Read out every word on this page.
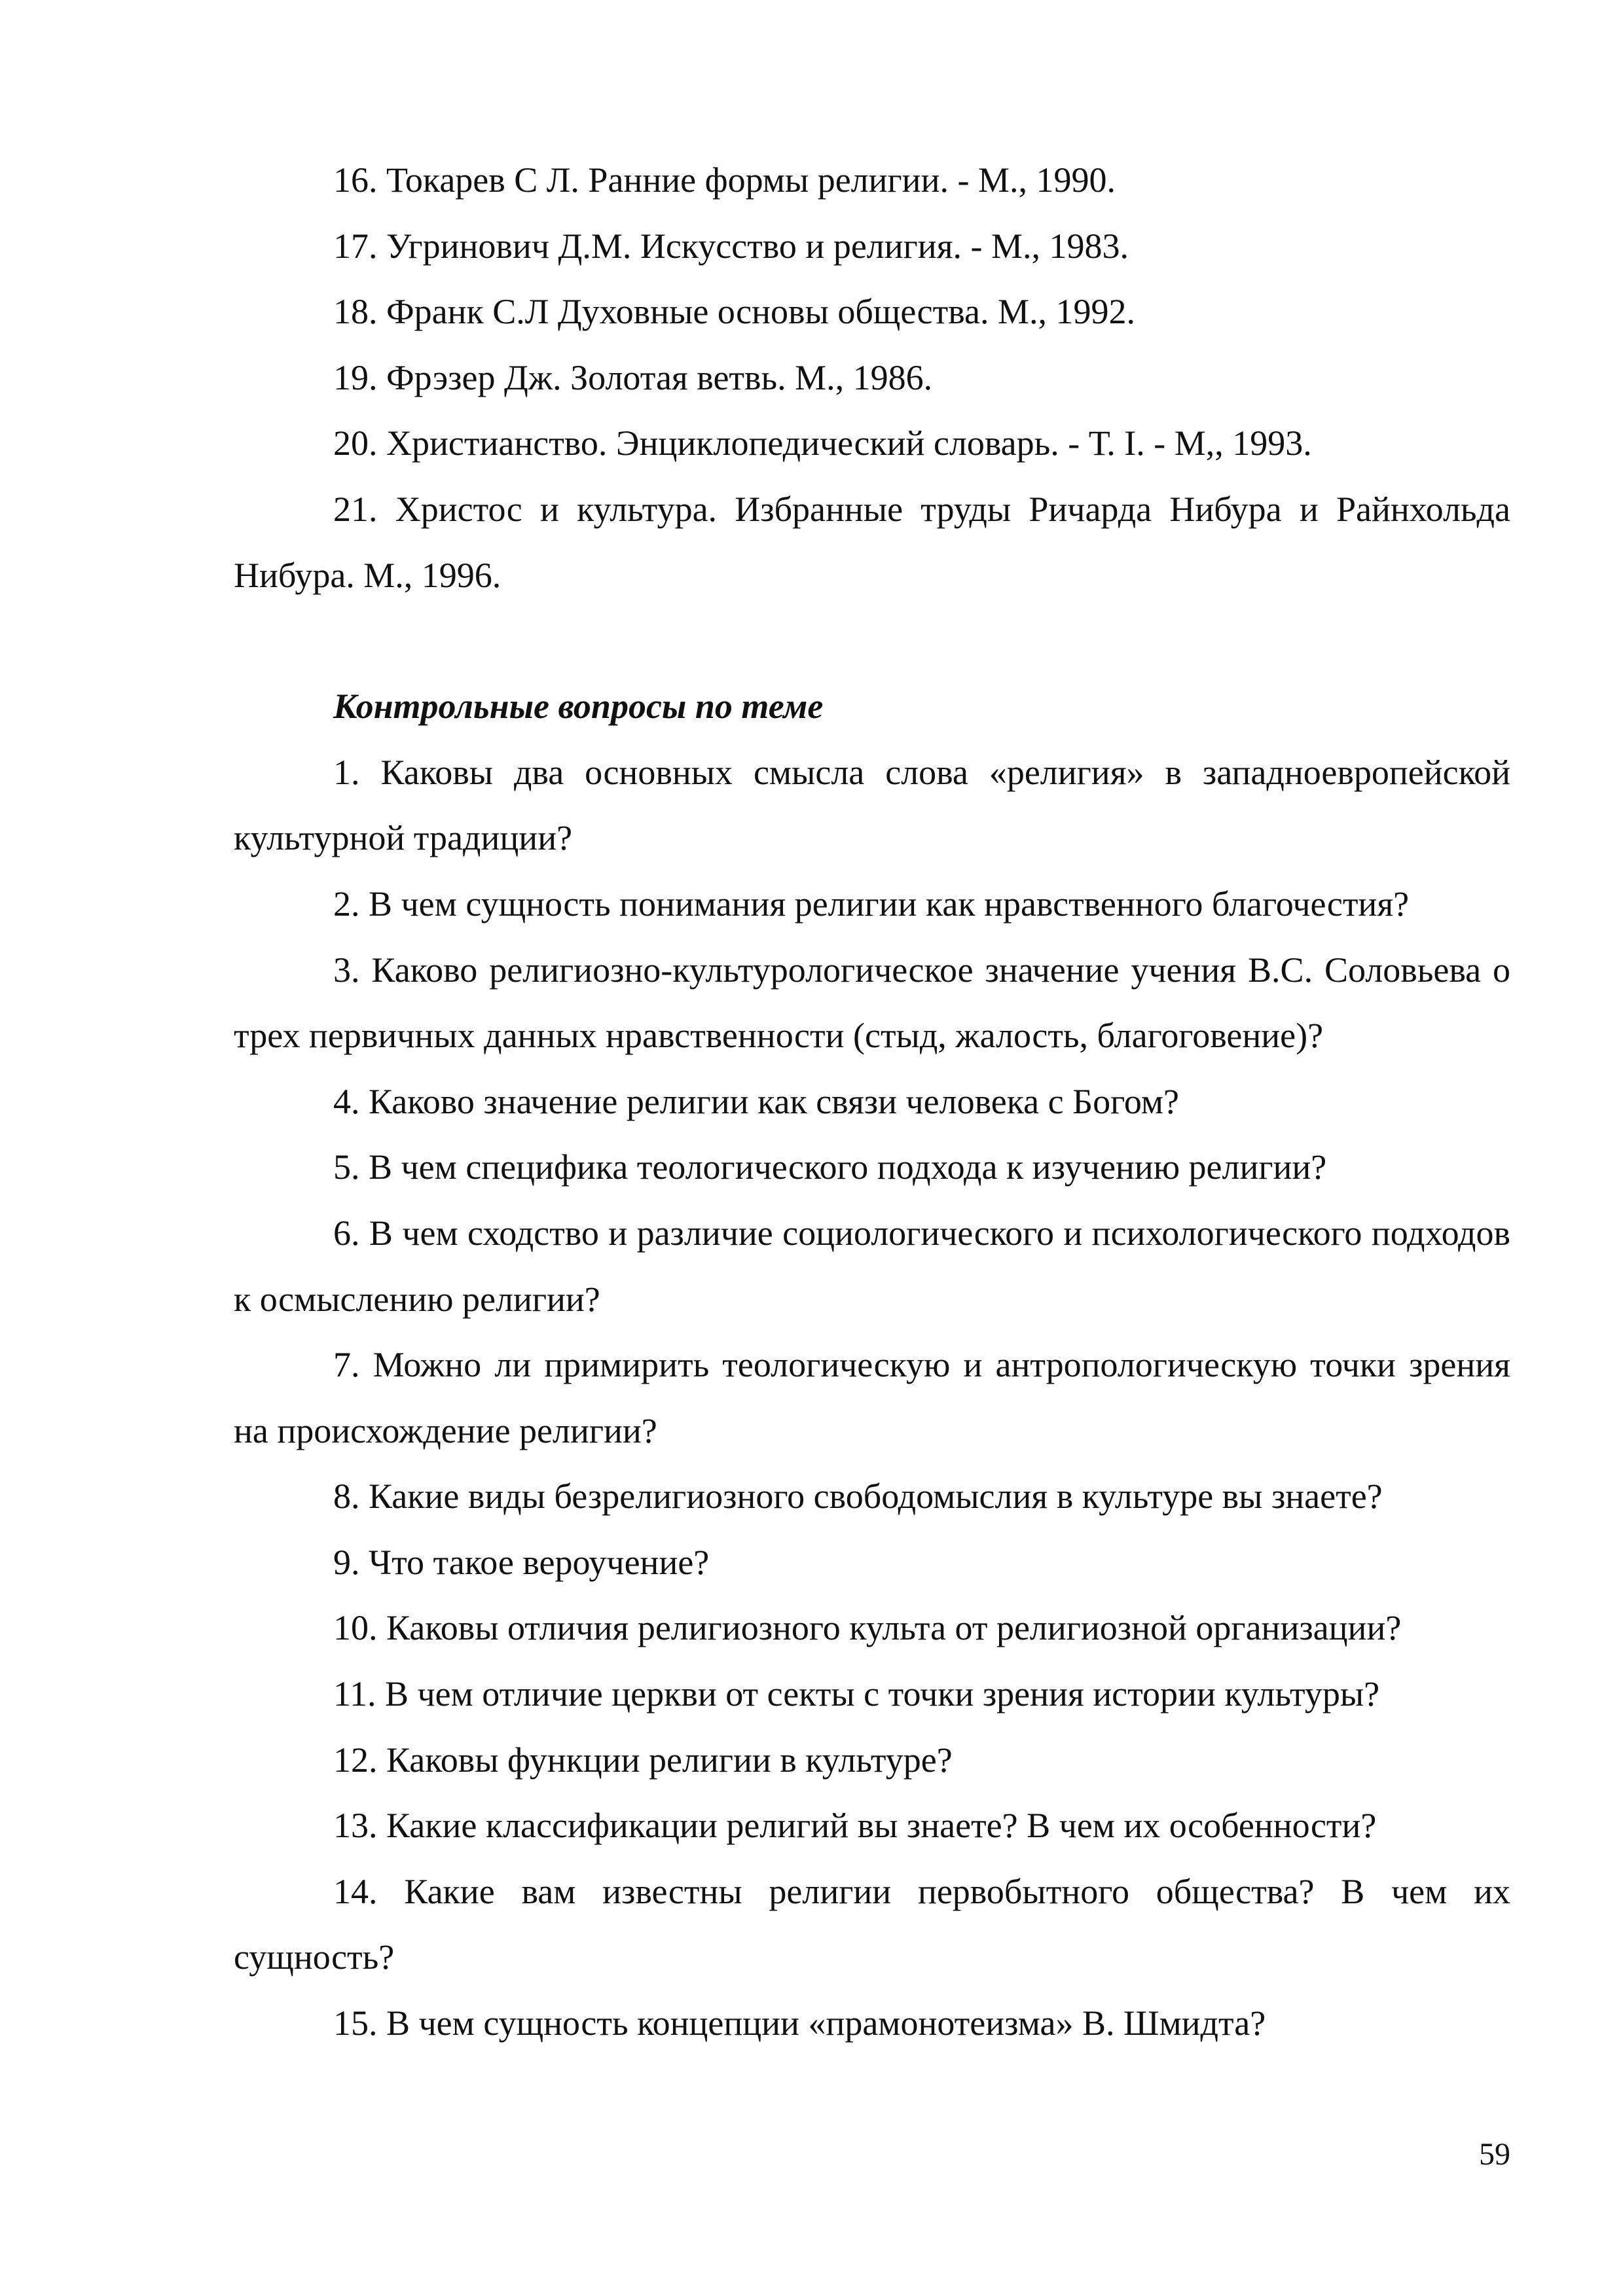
16. Токарев С Л. Ранние формы религии. - М., 1990.

17. Угринович Д.М. Искусство и религия. - М., 1983.

18. Франк С.Л Духовные основы общества. М., 1992.

19. Фрэзер Дж. Золотая ветвь. М., 1986.

20. Христианство. Энциклопедический словарь. - Т. I. - М,, 1993.

21. Христос и культура. Избранные труды Ричарда Нибура и Райнхольда Нибура. М., 1996.

Контрольные вопросы по теме

1. Каковы два основных смысла слова «религия» в западноевропейской культурной традиции?

2. В чем сущность понимания религии как нравственного благочестия?

3. Каково религиозно-культурологическое значение учения В.С. Соловьева о трех первичных данных нравственности (стыд, жалость, благоговение)?

4. Каково значение религии как связи человека с Богом?

5. В чем специфика теологического подхода к изучению религии?

6. В чем сходство и различие социологического и психологического подходов к осмыслению религии?

7. Можно ли примирить теологическую и антропологическую точки зрения на происхождение религии?

8. Какие виды безрелигиозного свободомыслия в культуре вы знаете?

9. Что такое вероучение?

10. Каковы отличия религиозного культа от религиозной организации?

11. В чем отличие церкви от секты с точки зрения истории культуры?

12. Каковы функции религии в культуре?

13. Какие классификации религий вы знаете? В чем их особенности?

14. Какие вам известны религии первобытного общества? В чем их сущность?

15. В чем сущность концепции «прамонотеизма» В. Шмидта?

59
